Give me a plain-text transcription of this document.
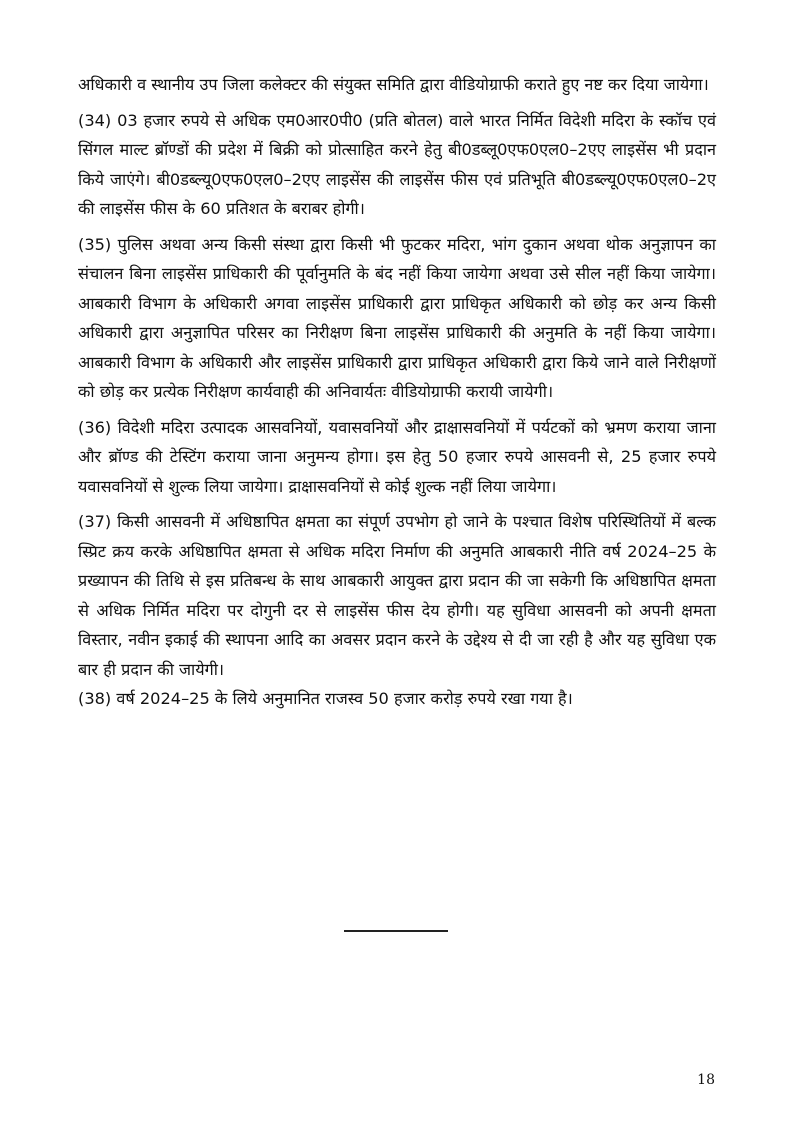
अधिकारी व स्थानीय उप जिला कलेक्टर की संयुक्त समिति द्वारा वीडियोग्राफी कराते हुए नष्ट कर दिया जायेगा।

(34) 03 हजार रुपये से अधिक एम0आर0पी0 (प्रति बोतल) वाले भारत निर्मित विदेशी मदिरा के स्कॉच एवं सिंगल माल्ट ब्रॉण्डों की प्रदेश में बिक्री को प्रोत्साहित करने हेतु बी0डब्लू0एफ0एल0–2एए लाइसेंस भी प्रदान किये जाएंगे। बी0डब्ल्यू0एफ0एल0–2एए लाइसेंस की लाइसेंस फीस एवं प्रतिभूति बी0डब्ल्यू0एफ0एल0–2ए की लाइसेंस फीस के 60 प्रतिशत के बराबर होगी।

(35) पुलिस अथवा अन्य किसी संस्था द्वारा किसी भी फुटकर मदिरा, भांग दुकान अथवा थोक अनुज्ञापन का संचालन बिना लाइसेंस प्राधिकारी की पूर्वानुमति के बंद नहीं किया जायेगा अथवा उसे सील नहीं किया जायेगा। आबकारी विभाग के अधिकारी अगवा लाइसेंस प्राधिकारी द्वारा प्राधिकृत अधिकारी को छोड़ कर अन्य किसी अधिकारी द्वारा अनुज्ञापित परिसर का निरीक्षण बिना लाइसेंस प्राधिकारी की अनुमति के नहीं किया जायेगा। आबकारी विभाग के अधिकारी और लाइसेंस प्राधिकारी द्वारा प्राधिकृत अधिकारी द्वारा किये जाने वाले निरीक्षणों को छोड़ कर प्रत्येक निरीक्षण कार्यवाही की अनिवार्यतः वीडियोग्राफी करायी जायेगी।

(36) विदेशी मदिरा उत्पादक आसवनियों, यवासवनियों और द्राक्षासवनियों में पर्यटकों को भ्रमण कराया जाना और ब्रॉण्ड की टेस्टिंग कराया जाना अनुमन्य होगा। इस हेतु 50 हजार रुपये आसवनी से, 25 हजार रुपये यवासवनियों से शुल्क लिया जायेगा। द्राक्षासवनियों से कोई शुल्क नहीं लिया जायेगा।

(37) किसी आसवनी में अधिष्ठापित क्षमता का संपूर्ण उपभोग हो जाने के पश्चात विशेष परिस्थितियों में बल्क स्प्रिट क्रय करके अधिष्ठापित क्षमता से अधिक मदिरा निर्माण की अनुमति आबकारी नीति वर्ष 2024–25 के प्रख्यापन की तिथि से इस प्रतिबन्ध के साथ आबकारी आयुक्त द्वारा प्रदान की जा सकेगी कि अधिष्ठापित क्षमता से अधिक निर्मित मदिरा पर दोगुनी दर से लाइसेंस फीस देय होगी। यह सुविधा आसवनी को अपनी क्षमता विस्तार, नवीन इकाई की स्थापना आदि का अवसर प्रदान करने के उद्देश्य से दी जा रही है और यह सुविधा एक बार ही प्रदान की जायेगी।

(38) वर्ष 2024–25 के लिये अनुमानित राजस्व 50 हजार करोड़ रुपये रखा गया है।

18
